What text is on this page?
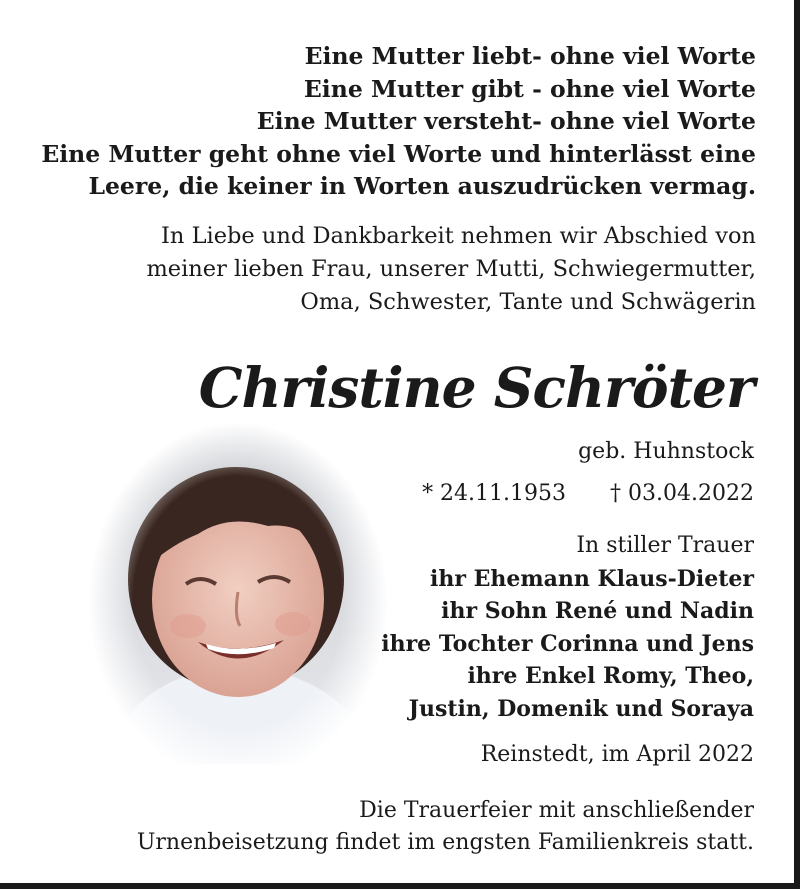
Eine Mutter liebt- ohne viel Worte
Eine Mutter gibt - ohne viel Worte
Eine Mutter versteht- ohne viel Worte
Eine Mutter geht ohne viel Worte und hinterlässt eine
Leere, die keiner in Worten auszudrücken vermag.
In Liebe und Dankbarkeit nehmen wir Abschied von
meiner lieben Frau, unserer Mutti, Schwiegermutter,
Oma, Schwester, Tante und Schwägerin
Christine Schröter
geb. Huhnstock
* 24.11.1953 † 03.04.2022
In stiller Trauer
ihr Ehemann Klaus-Dieter
ihr Sohn René und Nadin
ihre Tochter Corinna und Jens
ihre Enkel Romy, Theo,
Justin, Domenik und Soraya
Reinstedt, im April 2022
Die Trauerfeier mit anschließender
Urnenbeisetzung findet im engsten Familienkreis statt.
